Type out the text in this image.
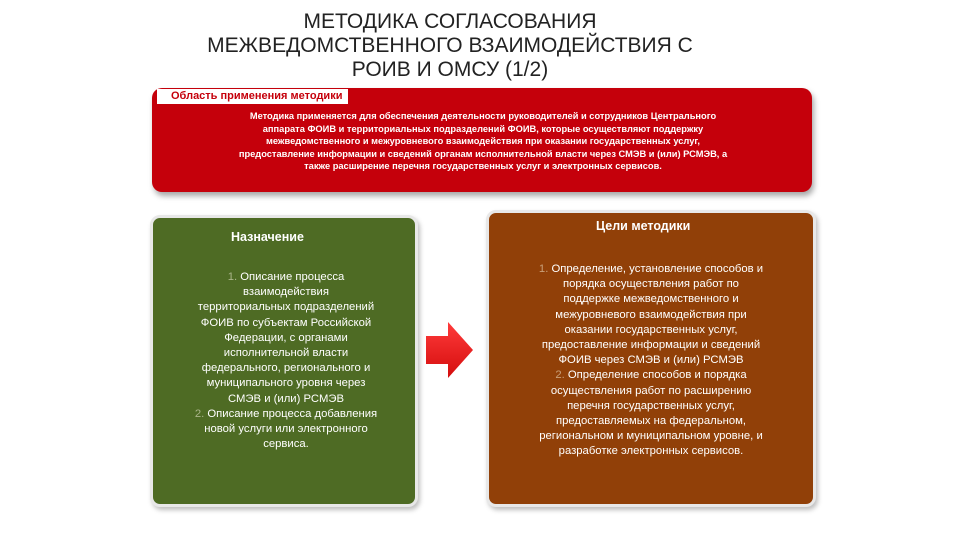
МЕТОДИКА СОГЛАСОВАНИЯ
МЕЖВЕДОМСТВЕННОГО ВЗАИМОДЕЙСТВИЯ С
РОИВ И ОМСУ (1/2)
Область применения методики
Методика применяется для обеспечения деятельности руководителей и сотрудников Центрального
аппарата ФОИВ и территориальных подразделений ФОИВ, которые осуществляют поддержку
межведомственного и межуровневого взаимодействия при оказании государственных услуг,
предоставление информации и сведений органам исполнительной власти через СМЭВ и (или) РСМЭВ, а
также расширение перечня государственных услуг и электронных сервисов.
Назначение
1. Описание процесса
взаимодействия
территориальных подразделений
ФОИВ по субъектам Российской
Федерации, с органами
исполнительной власти
федерального, регионального и
муниципального уровня через
СМЭВ и (или) РСМЭВ
2. Описание процесса добавления
новой услуги или электронного
сервиса.
Цели методики
1. Определение, установление способов и
порядка осуществления работ по
поддержке межведомственного и
межуровневого взаимодействия при
оказании государственных услуг,
предоставление информации и сведений
ФОИВ через СМЭВ и (или) РСМЭВ
2. Определение способов и порядка
осуществления работ по расширению
перечня государственных услуг,
предоставляемых на федеральном,
региональном и муниципальном уровне, и
разработке электронных сервисов.
